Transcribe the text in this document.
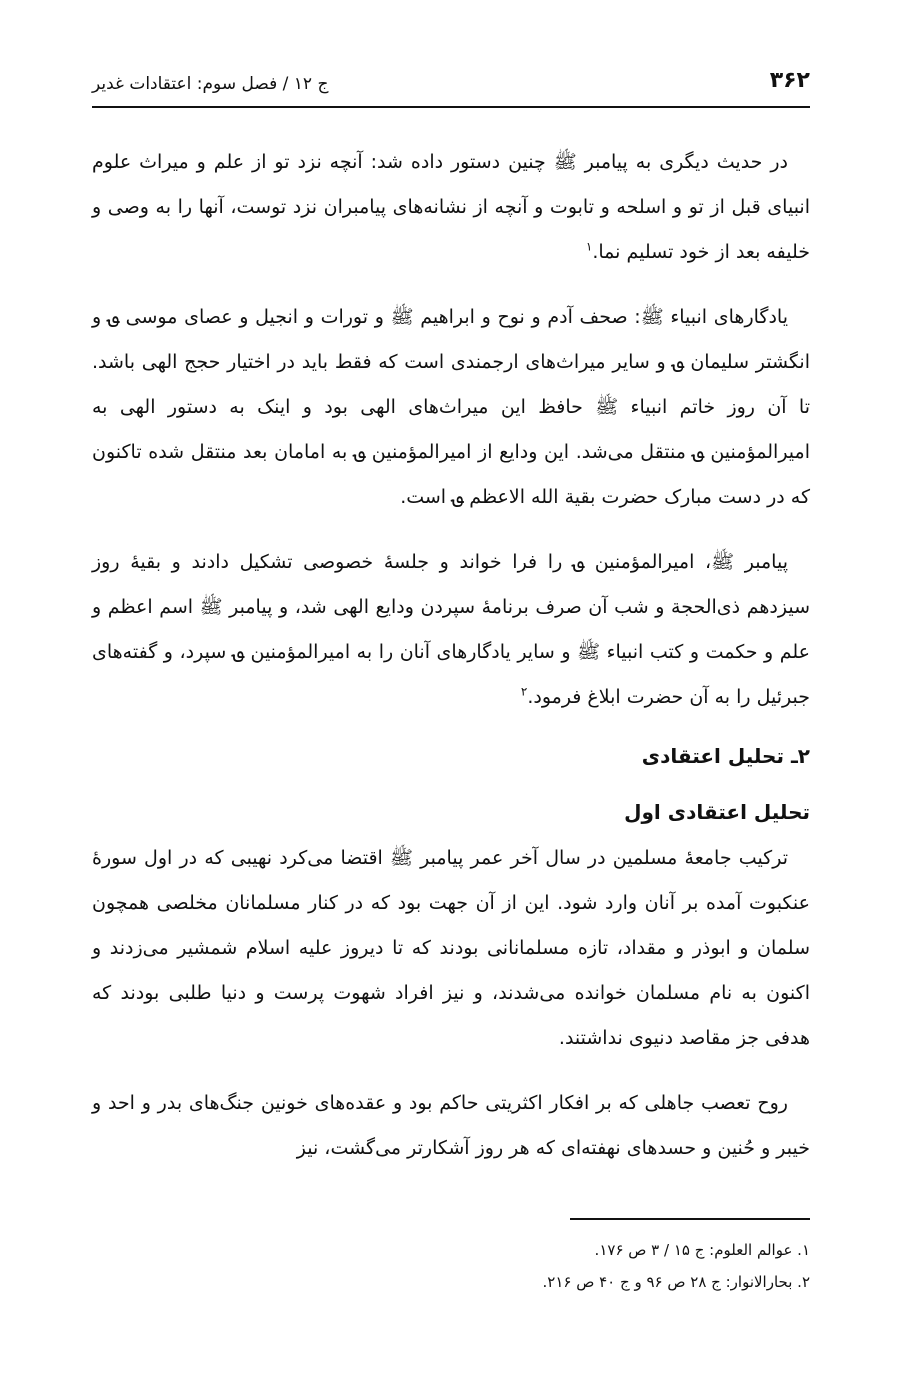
۳۶۲
ج ۱۲ / فصل سوم: اعتقادات غدیر

در حدیث دیگری به پیامبر ﷺ چنین دستور داده شد: آنچه نزد تو از علم و میراث علوم انبیای قبل از تو و اسلحه و تابوت و آنچه از نشانه‌های پیامبران نزد توست، آنها را به وصی و خلیفه بعد از خود تسلیم نما.$^۱$

یادگارهای انبیاء ﷺ: صحف آدم و نوح و ابراهیم ﷺ و تورات و انجیل و عصای موسی ؈ و انگشتر سلیمان ؈ و سایر میراث‌های ارجمندی است که فقط باید در اختیار حجج الهی باشد. تا آن روز خاتم انبیاء ﷺ حافظ این میراث‌های الهی بود و اینک به دستور الهی به امیرالمؤمنین ؈ منتقل می‌شد. این ودایع از امیرالمؤمنین ؈ به امامان بعد منتقل شده تاکنون که در دست مبارک حضرت بقیة الله الاعظم ؈ است.

پیامبر ﷺ، امیرالمؤمنین ؈ را فرا خواند و جلسهٔ خصوصی تشکیل دادند و بقیهٔ روز سیزدهم ذی‌الحجة و شب آن صرف برنامهٔ سپردن ودایع الهی شد، و پیامبر ﷺ اسم اعظم و علم و حکمت و کتب انبیاء ﷺ و سایر یادگارهای آنان را به امیرالمؤمنین ؈ سپرد، و گفته‌های جبرئیل را به آن حضرت ابلاغ فرمود.$^۲$

۲ـ تحلیل اعتقادی
تحلیل اعتقادی اول

ترکیب جامعهٔ مسلمین در سال آخر عمر پیامبر ﷺ اقتضا می‌کرد نهیبی که در اول سورهٔ عنکبوت آمده بر آنان وارد شود. این از آن جهت بود که در کنار مسلمانان مخلصی همچون سلمان و ابوذر و مقداد، تازه مسلمانانی بودند که تا دیروز علیه اسلام شمشیر می‌زدند و اکنون به نام مسلمان خوانده می‌شدند، و نیز افراد شهوت پرست و دنیا طلبی بودند که هدفی جز مقاصد دنیوی نداشتند.

روح تعصب جاهلی که بر افکار اکثریتی حاکم بود و عقده‌های خونین جنگ‌های بدر و احد و خیبر و حُنین و حسدهای نهفته‌ای که هر روز آشکارتر می‌گشت، نیز

۱. عوالم العلوم: ج ۱۵ / ۳ ص ۱۷۶.
۲. بحارالانوار: ج ۲۸ ص ۹۶ و ج ۴۰ ص ۲۱۶.
